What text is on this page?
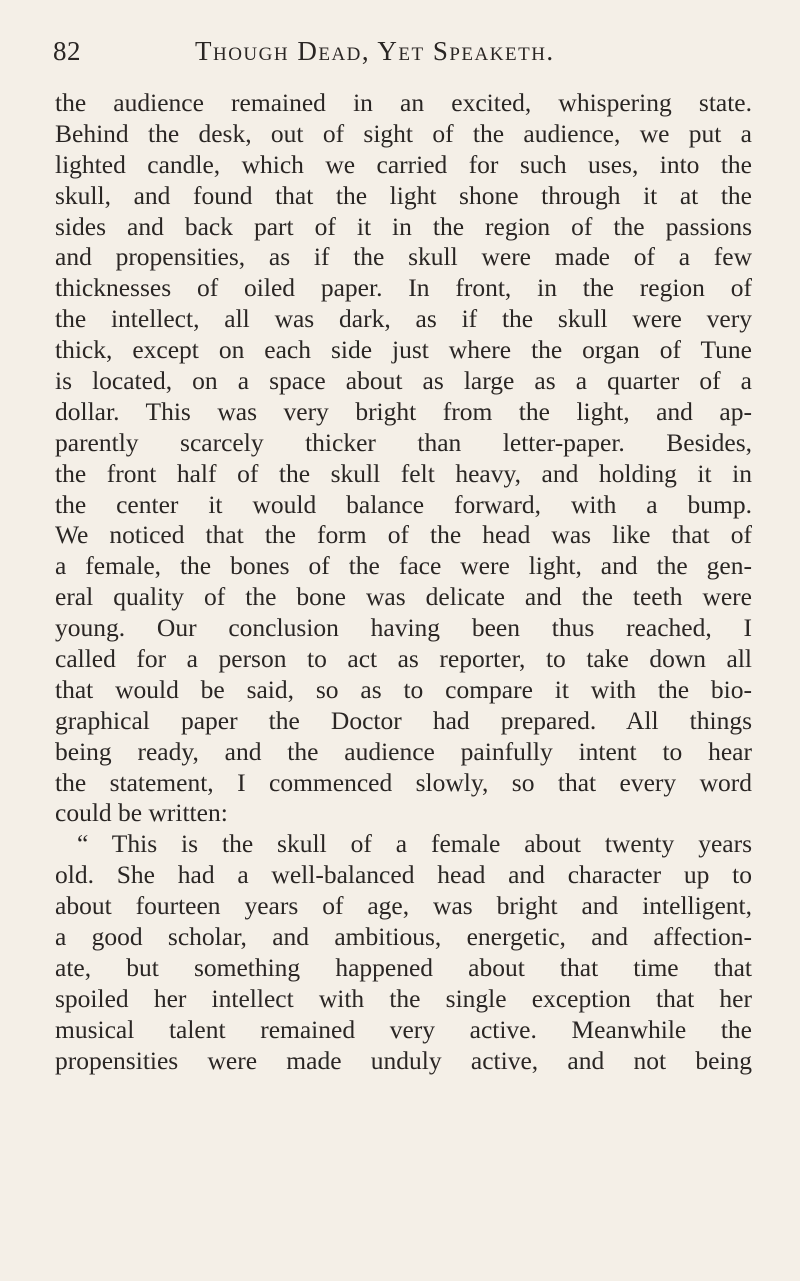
82	Though Dead, Yet Speaketh.
the audience remained in an excited, whispering state.
Behind the desk, out of sight of the audience, we put a
lighted candle, which we carried for such uses, into the
skull, and found that the light shone through it at the
sides and back part of it in the region of the passions
and propensities, as if the skull were made of a few
thicknesses of oiled paper. In front, in the region of
the intellect, all was dark, as if the skull were very
thick, except on each side just where the organ of Tune
is located, on a space about as large as a quarter of a
dollar. This was very bright from the light, and ap-
parently scarcely thicker than letter-paper. Besides,
the front half of the skull felt heavy, and holding it in
the center it would balance forward, with a bump.
We noticed that the form of the head was like that of
a female, the bones of the face were light, and the gen-
eral quality of the bone was delicate and the teeth were
young. Our conclusion having been thus reached, I
called for a person to act as reporter, to take down all
that would be said, so as to compare it with the bio-
graphical paper the Doctor had prepared. All things
being ready, and the audience painfully intent to hear
the statement, I commenced slowly, so that every word
could be written:
“ This is the skull of a female about twenty years
old. She had a well-balanced head and character up to
about fourteen years of age, was bright and intelligent,
a good scholar, and ambitious, energetic, and affection-
ate, but something happened about that time that
spoiled her intellect with the single exception that her
musical talent remained very active. Meanwhile the
propensities were made unduly active, and not being
